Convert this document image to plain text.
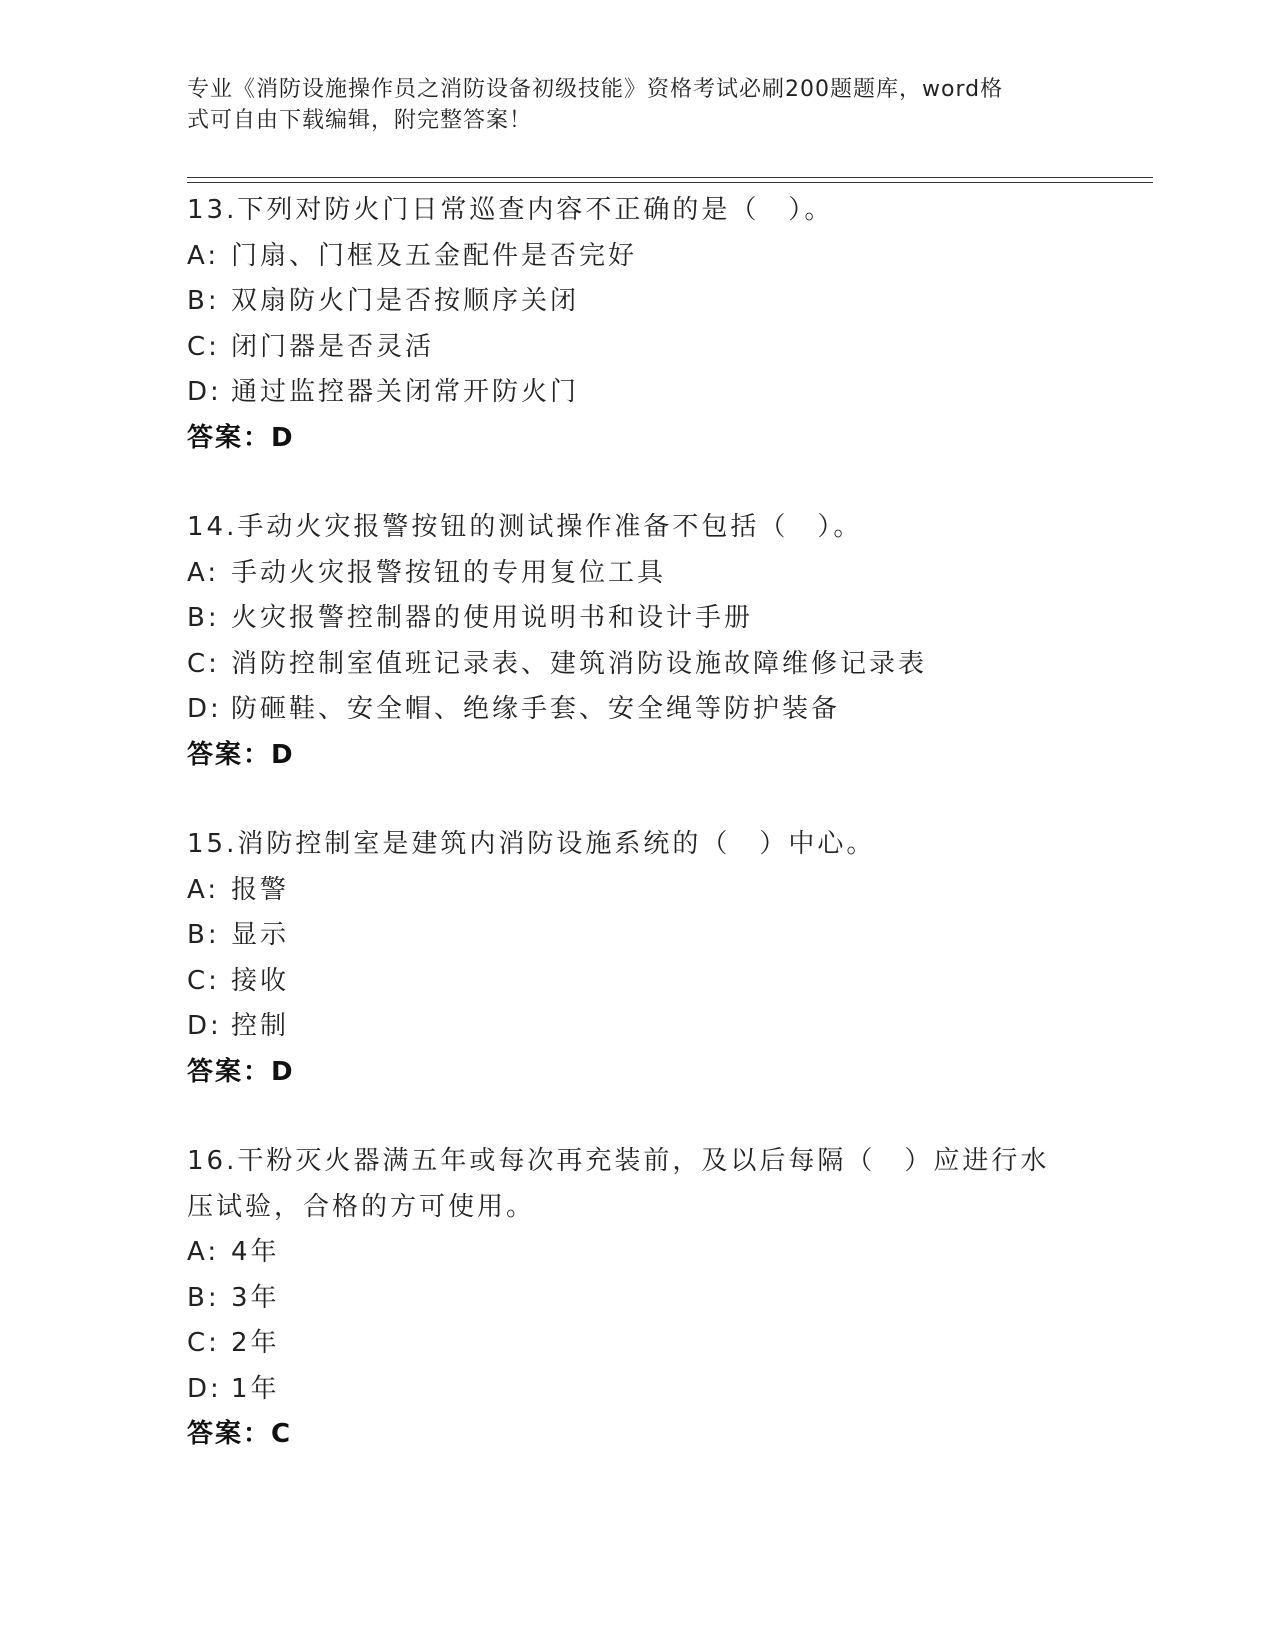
专业《消防设施操作员之消防设备初级技能》资格考试必刷200题题库，word格
式可自由下载编辑，附完整答案！

13.下列对防火门日常巡查内容不正确的是（　）。

A: 门扇、门框及五金配件是否完好

B: 双扇防火门是否按顺序关闭

C: 闭门器是否灵活

D: 通过监控器关闭常开防火门

答案：D

14.手动火灾报警按钮的测试操作准备不包括（　）。

A: 手动火灾报警按钮的专用复位工具

B: 火灾报警控制器的使用说明书和设计手册

C: 消防控制室值班记录表、建筑消防设施故障维修记录表

D: 防砸鞋、安全帽、绝缘手套、安全绳等防护装备

答案：D

15.消防控制室是建筑内消防设施系统的（　）中心。

A: 报警

B: 显示

C: 接收

D: 控制

答案：D

16.干粉灭火器满五年或每次再充装前，及以后每隔（　）应进行水压试验，合格的方可使用。

A: 4年

B: 3年

C: 2年

D: 1年

答案：C
